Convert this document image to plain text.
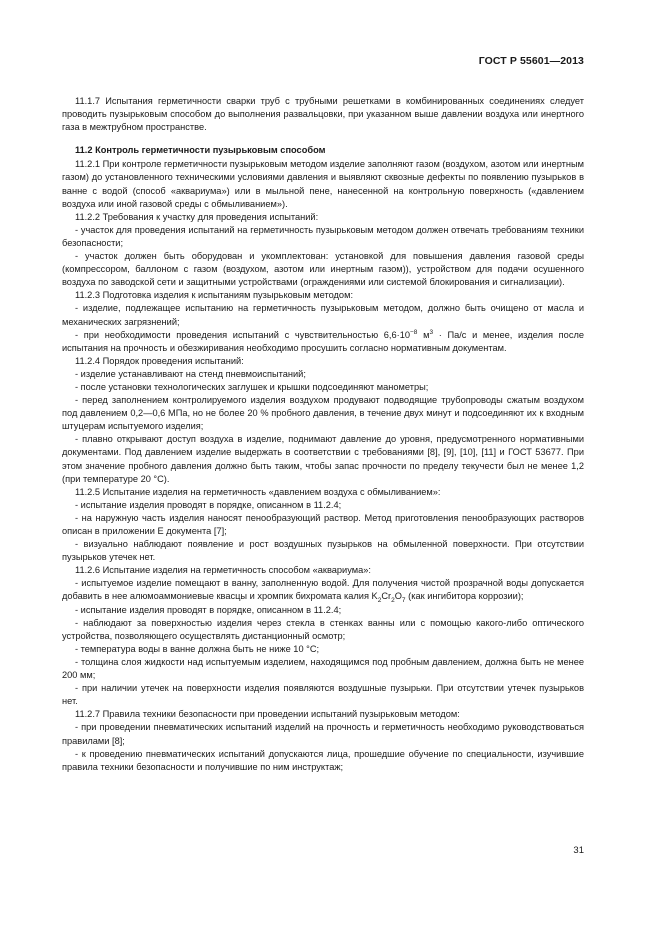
ГОСТ Р 55601—2013

11.1.7 Испытания герметичности сварки труб с трубными решетками в комбинированных соединениях следует проводить пузырьковым способом до выполнения развальцовки, при указанном выше давлении воздуха или инертного газа в межтрубном пространстве.

11.2 Контроль герметичности пузырьковым способом

11.2.1 При контроле герметичности пузырьковым методом изделие заполняют газом (воздухом, азотом или инертным газом) до установленного техническими условиями давления и выявляют сквозные дефекты по появлению пузырьков в ванне с водой (способ «аквариума») или в мыльной пене, нанесенной на контрольную поверхность («давлением воздуха или иной газовой среды с обмыливанием»).

11.2.2 Требования к участку для проведения испытаний:

- участок для проведения испытаний на герметичность пузырьковым методом должен отвечать требованиям техники безопасности;

- участок должен быть оборудован и укомплектован: установкой для повышения давления газовой среды (компрессором, баллоном с газом (воздухом, азотом или инертным газом)), устройством для подачи осушенного воздуха по заводской сети и защитными устройствами (ограждениями или системой блокирования и сигнализации).

11.2.3 Подготовка изделия к испытаниям пузырьковым методом:

- изделие, подлежащее испытанию на герметичность пузырьковым методом, должно быть очищено от масла и механических загрязнений;

- при необходимости проведения испытаний с чувствительностью $6,6\cdot 10^{-8}$ $м^3 \cdot Па/с$ и менее, изделия после испытания на прочность и обезжиривания необходимо просушить согласно нормативным документам.

11.2.4 Порядок проведения испытаний:

- изделие устанавливают на стенд пневмоиспытаний;

- после установки технологических заглушек и крышки подсоединяют манометры;

- перед заполнением контролируемого изделия воздухом продувают подводящие трубопроводы сжатым воздухом под давлением 0,2—0,6 МПа, но не более 20 % пробного давления, в течение двух минут и подсоединяют их к входным штуцерам испытуемого изделия;

- плавно открывают доступ воздуха в изделие, поднимают давление до уровня, предусмотренного нормативными документами. Под давлением изделие выдержать в соответствии с требованиями [8], [9], [10], [11] и ГОСТ 53677. При этом значение пробного давления должно быть таким, чтобы запас прочности по пределу текучести был не менее 1,2 (при температуре 20 °С).

11.2.5 Испытание изделия на герметичность «давлением воздуха с обмыливанием»:

- испытание изделия проводят в порядке, описанном в 11.2.4;

- на наружную часть изделия наносят пенообразующий раствор. Метод приготовления пенообразующих растворов описан в приложении Е документа [7];

- визуально наблюдают появление и рост воздушных пузырьков на обмыленной поверхности. При отсутствии пузырьков утечек нет.

11.2.6 Испытание изделия на герметичность способом «аквариума»:

- испытуемое изделие помещают в ванну, заполненную водой. Для получения чистой прозрачной воды допускается добавить в нее алюмоаммониевые квасцы и хромпик бихромата калия $K_2Cr_2O_7$ (как ингибитора коррозии);

- испытание изделия проводят в порядке, описанном в 11.2.4;

- наблюдают за поверхностью изделия через стекла в стенках ванны или с помощью какого-либо оптического устройства, позволяющего осуществлять дистанционный осмотр;

- температура воды в ванне должна быть не ниже 10 °С;

- толщина слоя жидкости над испытуемым изделием, находящимся под пробным давлением, должна быть не менее 200 мм;

- при наличии утечек на поверхности изделия появляются воздушные пузырьки. При отсутствии утечек пузырьков нет.

11.2.7 Правила техники безопасности при проведении испытаний пузырьковым методом:

- при проведении пневматических испытаний изделий на прочность и герметичность необходимо руководствоваться правилами [8];

- к проведению пневматических испытаний допускаются лица, прошедшие обучение по специальности, изучившие правила техники безопасности и получившие по ним инструктаж;

31
